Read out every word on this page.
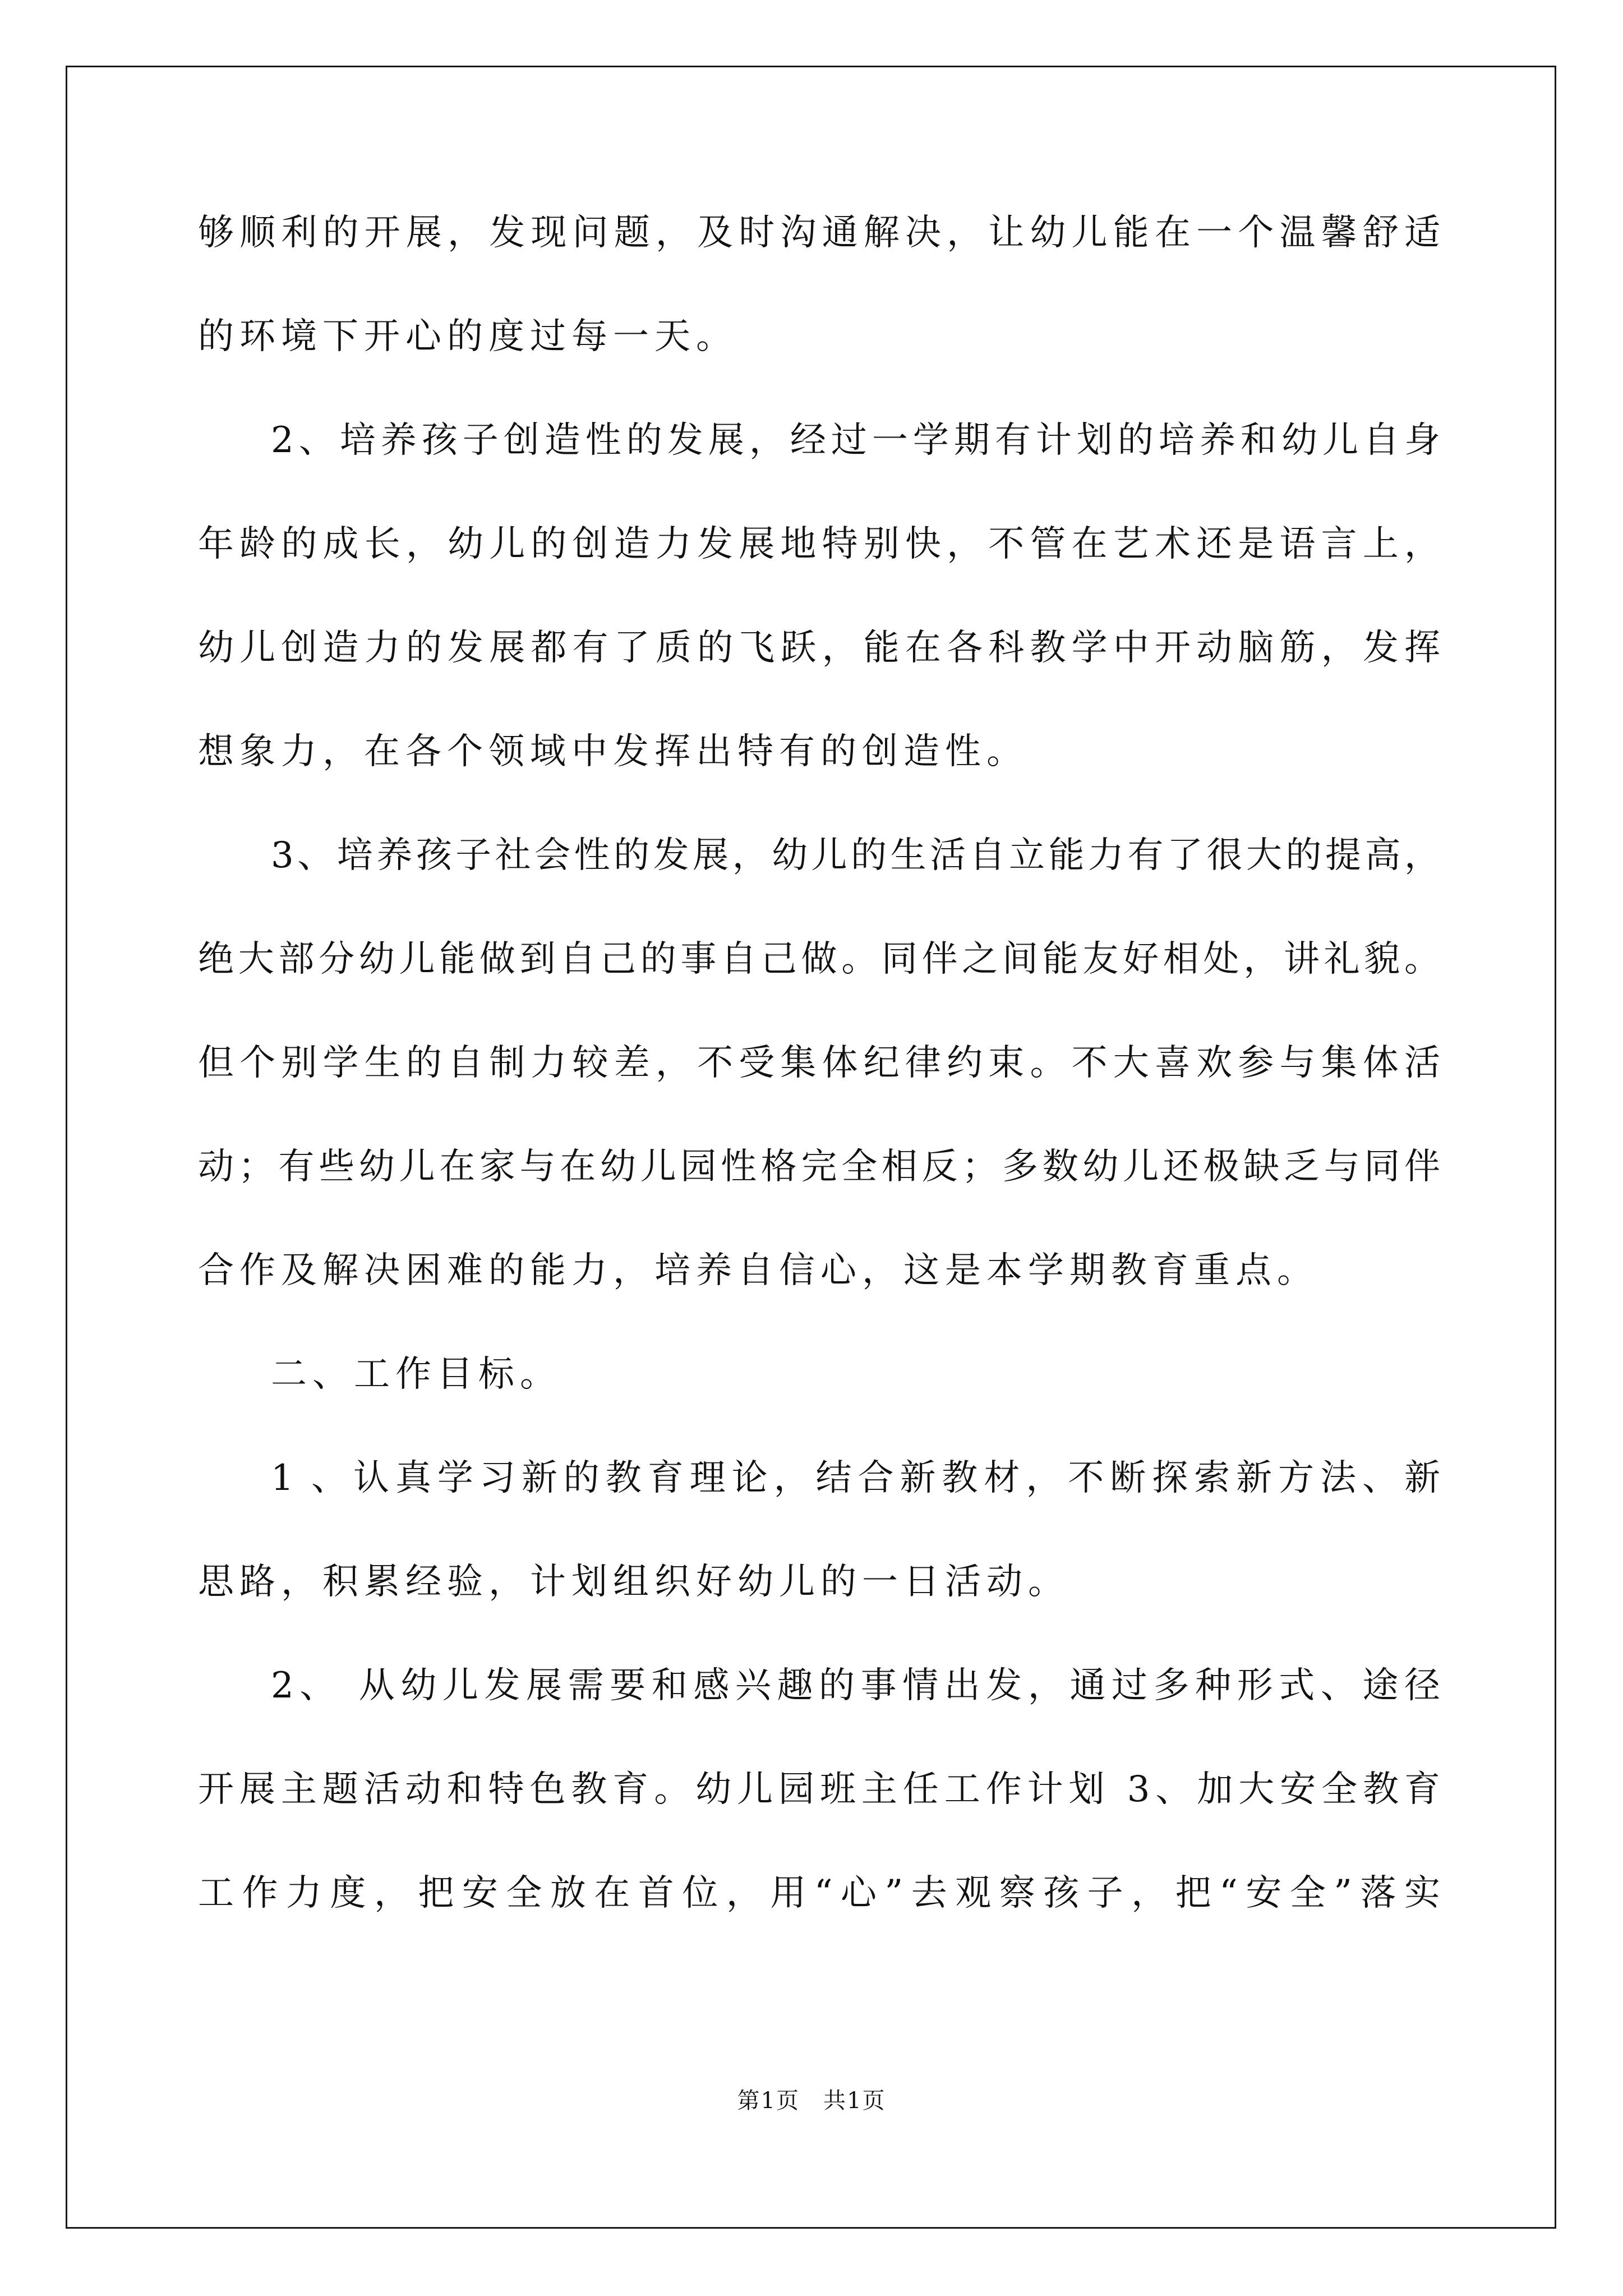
够顺利的开展，发现问题，及时沟通解决，让幼儿能在一个温馨舒适
的环境下开心的度过每一天。
2、培养孩子创造性的发展，经过一学期有计划的培养和幼儿自身
年龄的成长，幼儿的创造力发展地特别快，不管在艺术还是语言上，
幼儿创造力的发展都有了质的飞跃，能在各科教学中开动脑筋，发挥
想象力，在各个领域中发挥出特有的创造性。
3、培养孩子社会性的发展，幼儿的生活自立能力有了很大的提高，
绝大部分幼儿能做到自己的事自己做。同伴之间能友好相处，讲礼貌。
但个别学生的自制力较差，不受集体纪律约束。不大喜欢参与集体活
动；有些幼儿在家与在幼儿园性格完全相反；多数幼儿还极缺乏与同伴
合作及解决困难的能力，培养自信心，这是本学期教育重点。
二、工作目标。
1 、认真学习新的教育理论，结合新教材，不断探索新方法、新
思路，积累经验，计划组织好幼儿的一日活动。
2、 从幼儿发展需要和感兴趣的事情出发，通过多种形式、途径
开展主题活动和特色教育。幼儿园班主任工作计划 3、加大安全教育
工作力度，把安全放在首位，用“心”去观察孩子，把“安全”落实
第1页　共1页
